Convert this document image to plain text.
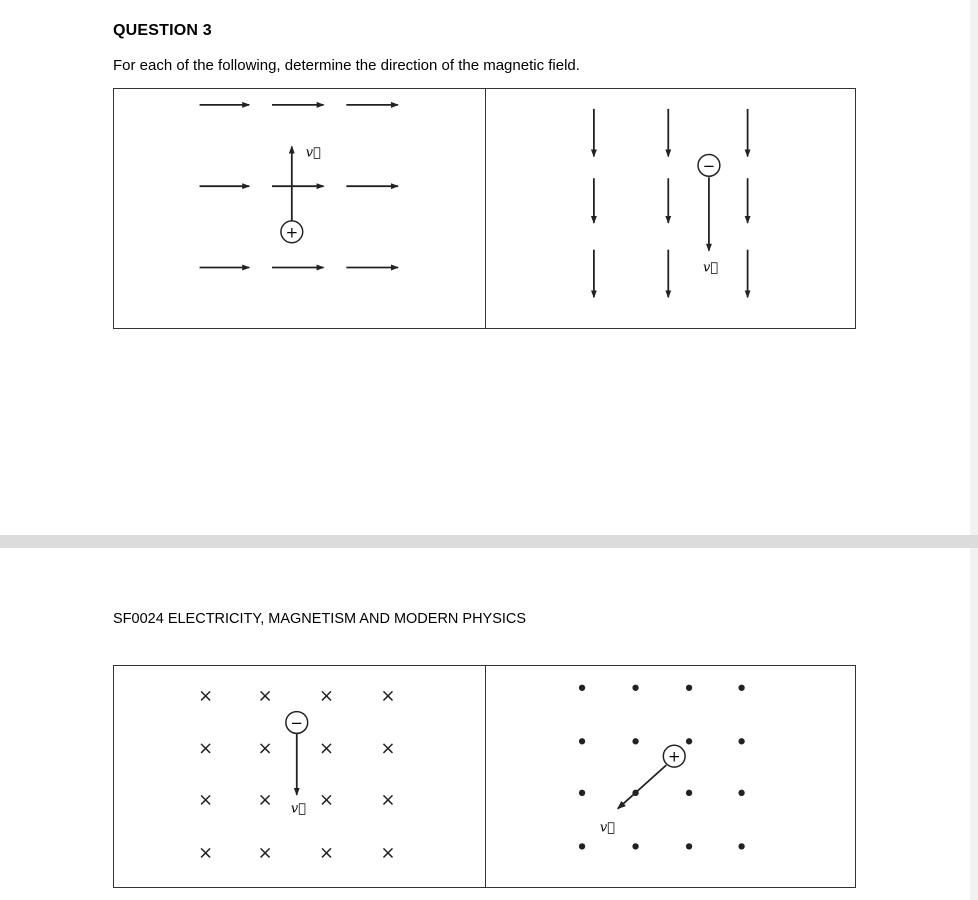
QUESTION 3
For each of the following, determine the direction of the magnetic field.
+
v⃗
−
v⃗
SF0024 ELECTRICITY, MAGNETISM AND MODERN PHYSICS
× ×	×	×
× ×	×	×
× ×	×	×
× ×	×	×
−
v⃗
+
v⃗
